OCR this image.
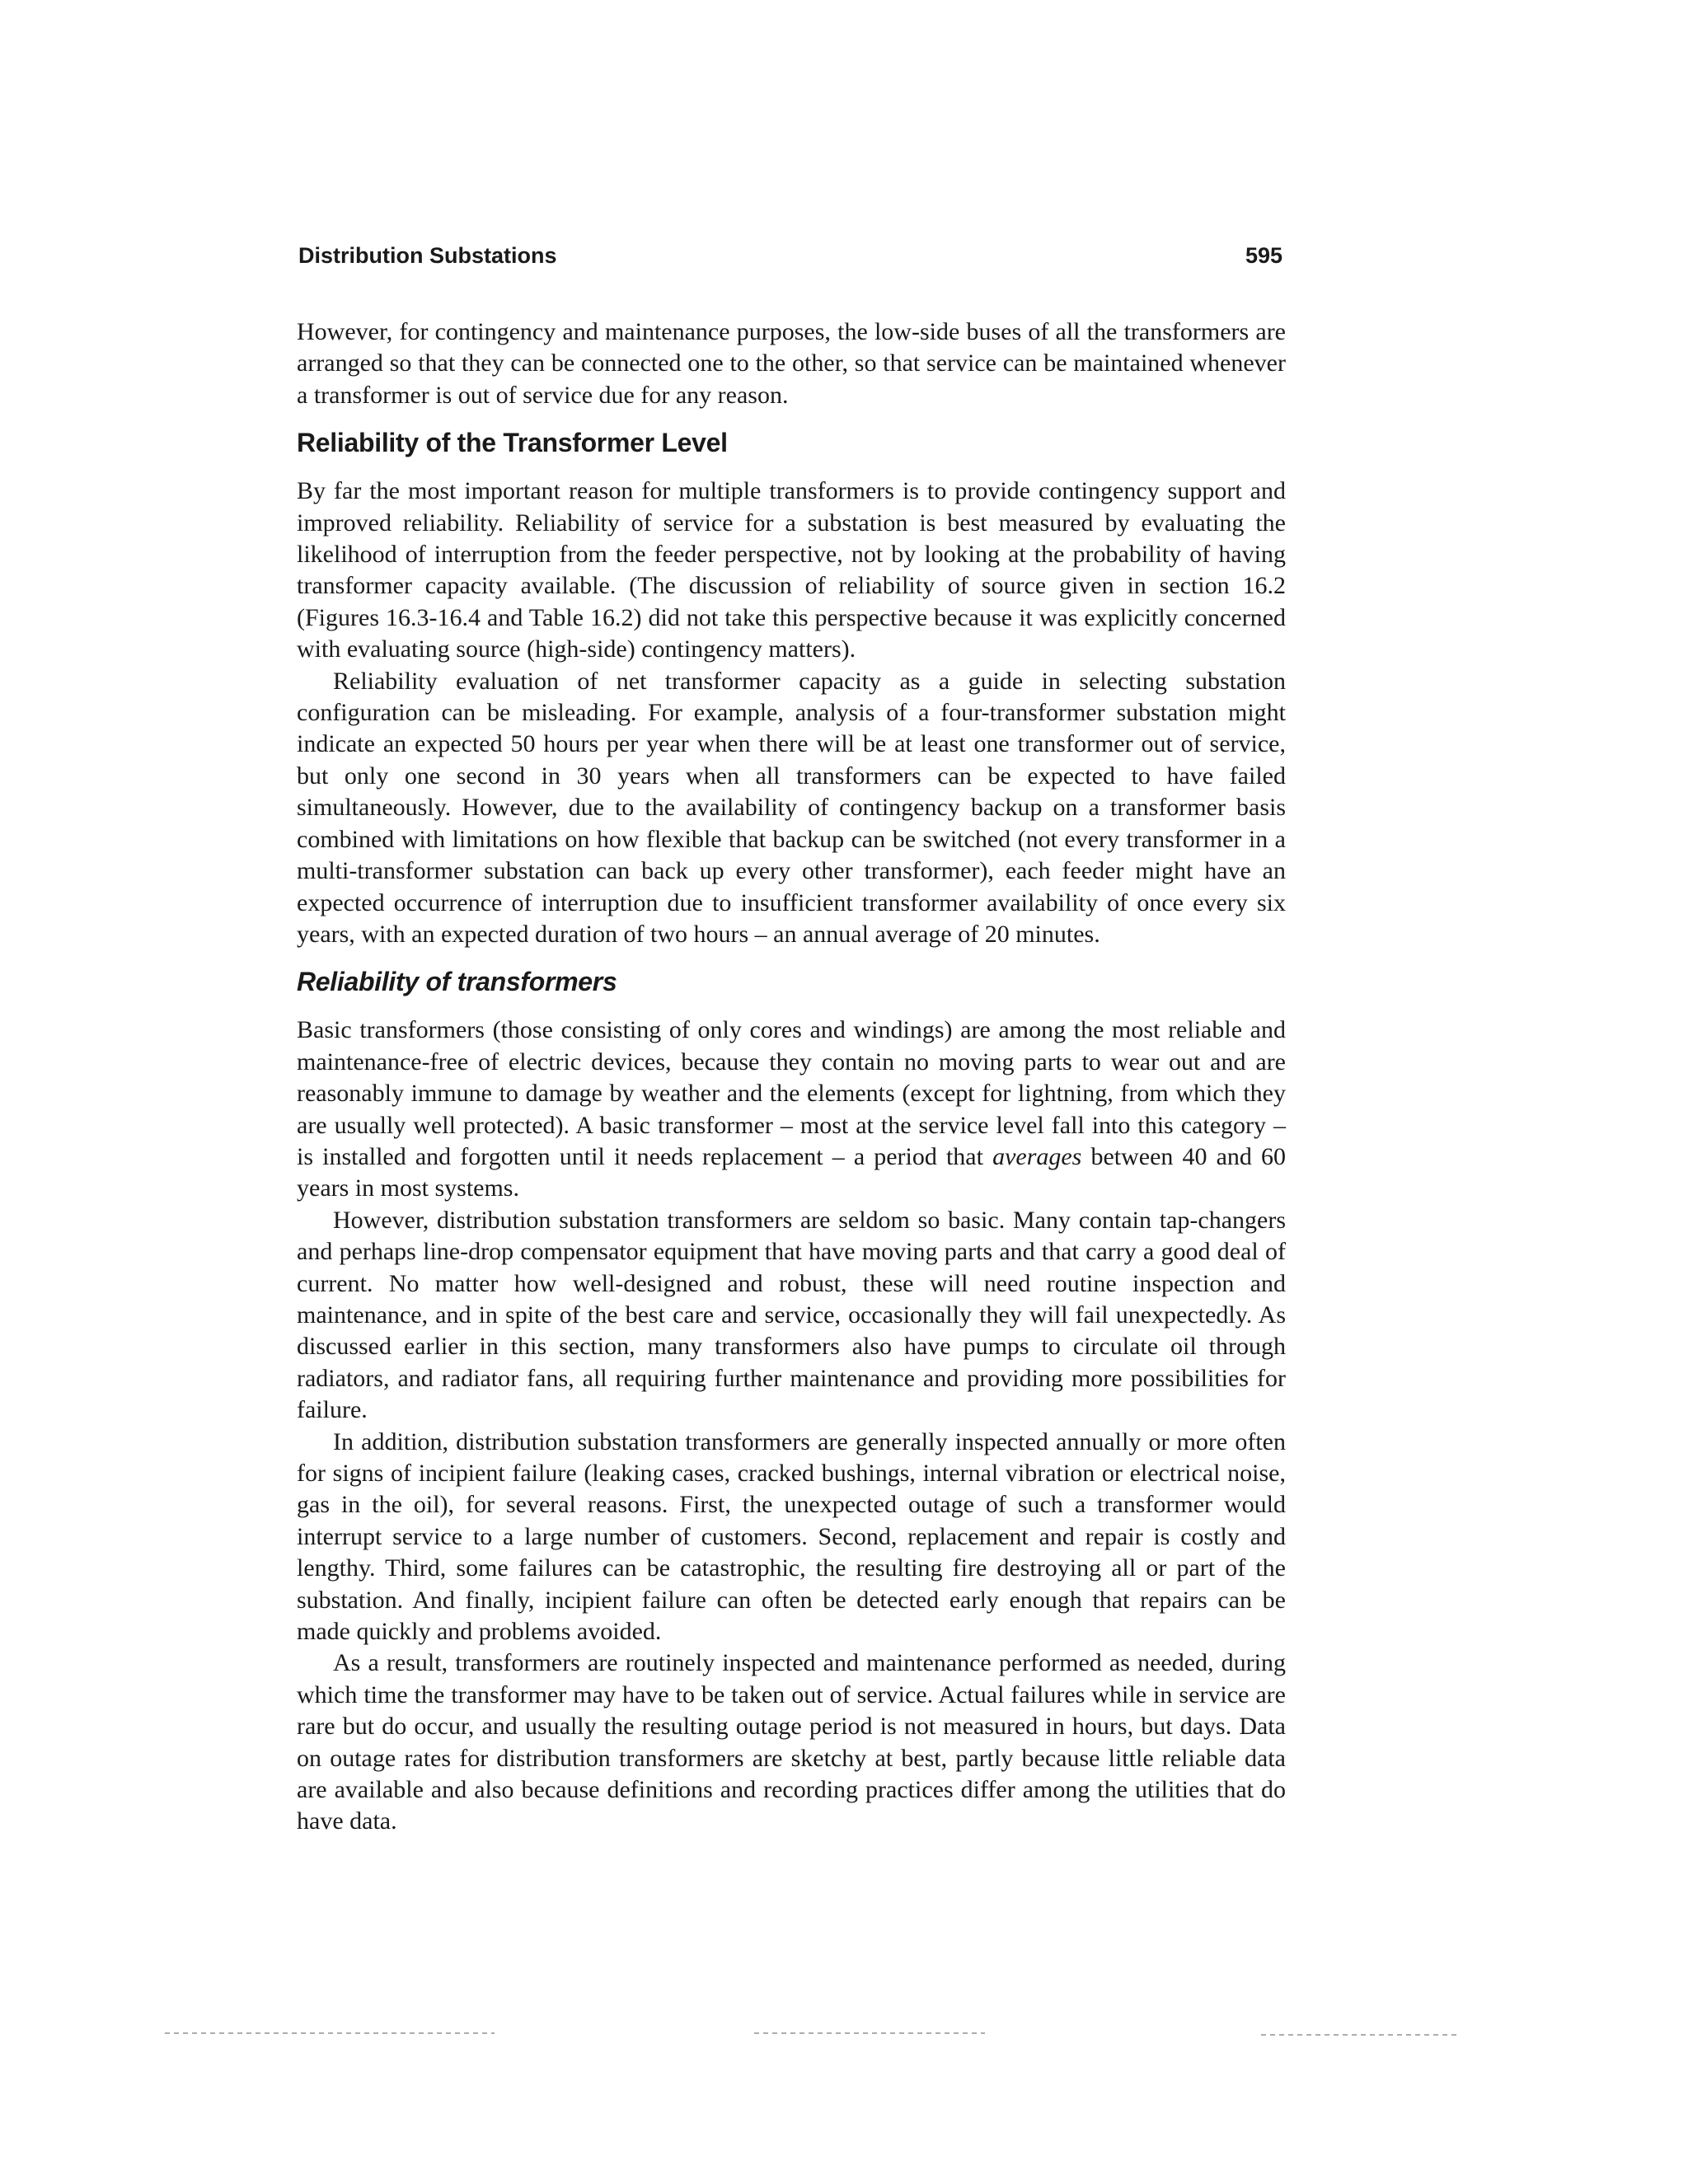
Distribution Substations	595

However, for contingency and maintenance purposes, the low-side buses of all the transformers are arranged so that they can be connected one to the other, so that service can be maintained whenever a transformer is out of service due for any reason.

Reliability of the Transformer Level

By far the most important reason for multiple transformers is to provide contingency support and improved reliability. Reliability of service for a substation is best measured by evaluating the likelihood of interruption from the feeder perspective, not by looking at the probability of having transformer capacity available. (The discussion of reliability of source given in section 16.2 (Figures 16.3-16.4 and Table 16.2) did not take this perspective because it was explicitly concerned with evaluating source (high-side) contingency matters).

Reliability evaluation of net transformer capacity as a guide in selecting substation configuration can be misleading. For example, analysis of a four-transformer substation might indicate an expected 50 hours per year when there will be at least one transformer out of service, but only one second in 30 years when all transformers can be expected to have failed simultaneously. However, due to the availability of contingency backup on a transformer basis combined with limitations on how flexible that backup can be switched (not every transformer in a multi-transformer substation can back up every other transformer), each feeder might have an expected occurrence of interruption due to insufficient transformer availability of once every six years, with an expected duration of two hours – an annual average of 20 minutes.

Reliability of transformers

Basic transformers (those consisting of only cores and windings) are among the most reliable and maintenance-free of electric devices, because they contain no moving parts to wear out and are reasonably immune to damage by weather and the elements (except for lightning, from which they are usually well protected). A basic transformer – most at the service level fall into this category – is installed and forgotten until it needs replacement – a period that averages between 40 and 60 years in most systems.

However, distribution substation transformers are seldom so basic. Many contain tap-changers and perhaps line-drop compensator equipment that have moving parts and that carry a good deal of current. No matter how well-designed and robust, these will need routine inspection and maintenance, and in spite of the best care and service, occasionally they will fail unexpectedly. As discussed earlier in this section, many transformers also have pumps to circulate oil through radiators, and radiator fans, all requiring further maintenance and providing more possibilities for failure.

In addition, distribution substation transformers are generally inspected annually or more often for signs of incipient failure (leaking cases, cracked bushings, internal vibration or electrical noise, gas in the oil), for several reasons. First, the unexpected outage of such a transformer would interrupt service to a large number of customers. Second, replacement and repair is costly and lengthy. Third, some failures can be catastrophic, the resulting fire destroying all or part of the substation. And finally, incipient failure can often be detected early enough that repairs can be made quickly and problems avoided.

As a result, transformers are routinely inspected and maintenance performed as needed, during which time the transformer may have to be taken out of service. Actual failures while in service are rare but do occur, and usually the resulting outage period is not measured in hours, but days. Data on outage rates for distribution transformers are sketchy at best, partly because little reliable data are available and also because definitions and recording practices differ among the utilities that do have data.
